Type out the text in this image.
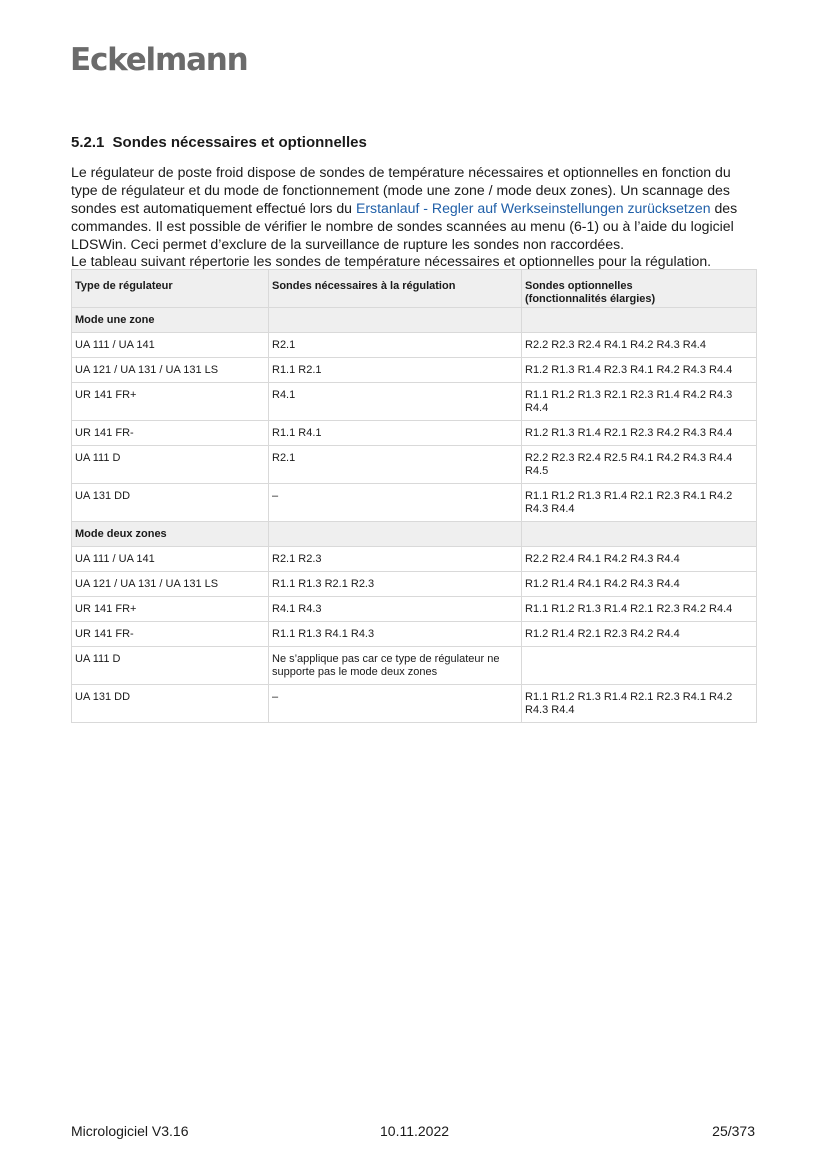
Eckelmann
5.2.1 Sondes nécessaires et optionnelles

Le régulateur de poste froid dispose de sondes de température nécessaires et optionnelles en fonction du type de régulateur et du mode de fonctionnement (mode une zone / mode deux zones). Un scannage des sondes est automatiquement effectué lors du Erstanlauf - Regler auf Werkseinstellungen zurücksetzen des commandes. Il est possible de vérifier le nombre de sondes scannées au menu (6-1) ou à l’aide du logiciel LDSWin. Ceci permet d’exclure de la surveillance de rupture les sondes non raccordées.

Le tableau suivant répertorie les sondes de température nécessaires et optionnelles pour la régulation.

Type de régulateur	Sondes nécessaires à la régulation	Sondes optionnelles
(fonctionnalités élargies)
Mode une zone		
UA 111 / UA 141	R2.1	R2.2 R2.3 R2.4 R4.1 R4.2 R4.3 R4.4
UA 121 / UA 131 / UA 131 LS	R1.1 R2.1	R1.2 R1.3 R1.4 R2.3 R4.1 R4.2 R4.3 R4.4
UR 141 FR+	R4.1	R1.1 R1.2 R1.3 R2.1 R2.3 R1.4 R4.2 R4.3 R4.4
UR 141 FR-	R1.1 R4.1	R1.2 R1.3 R1.4 R2.1 R2.3 R4.2 R4.3 R4.4
UA 111 D	R2.1	R2.2 R2.3 R2.4 R2.5 R4.1 R4.2 R4.3 R4.4 R4.5
UA 131 DD	–	R1.1 R1.2 R1.3 R1.4 R2.1 R2.3 R4.1 R4.2 R4.3 R4.4
Mode deux zones		
UA 111 / UA 141	R2.1 R2.3	R2.2 R2.4 R4.1 R4.2 R4.3 R4.4
UA 121 / UA 131 / UA 131 LS	R1.1 R1.3 R2.1 R2.3	R1.2 R1.4 R4.1 R4.2 R4.3 R4.4
UR 141 FR+	R4.1 R4.3	R1.1 R1.2 R1.3 R1.4 R2.1 R2.3 R4.2 R4.4
UR 141 FR-	R1.1 R1.3 R4.1 R4.3	R1.2 R1.4 R2.1 R2.3 R4.2 R4.4
UA 111 D	Ne s’applique pas car ce type de régulateur ne supporte pas le mode deux zones	
UA 131 DD	–	R1.1 R1.2 R1.3 R1.4 R2.1 R2.3 R4.1 R4.2 R4.3 R4.4
Micrologiciel V3.16	10.11.2022	25/373
